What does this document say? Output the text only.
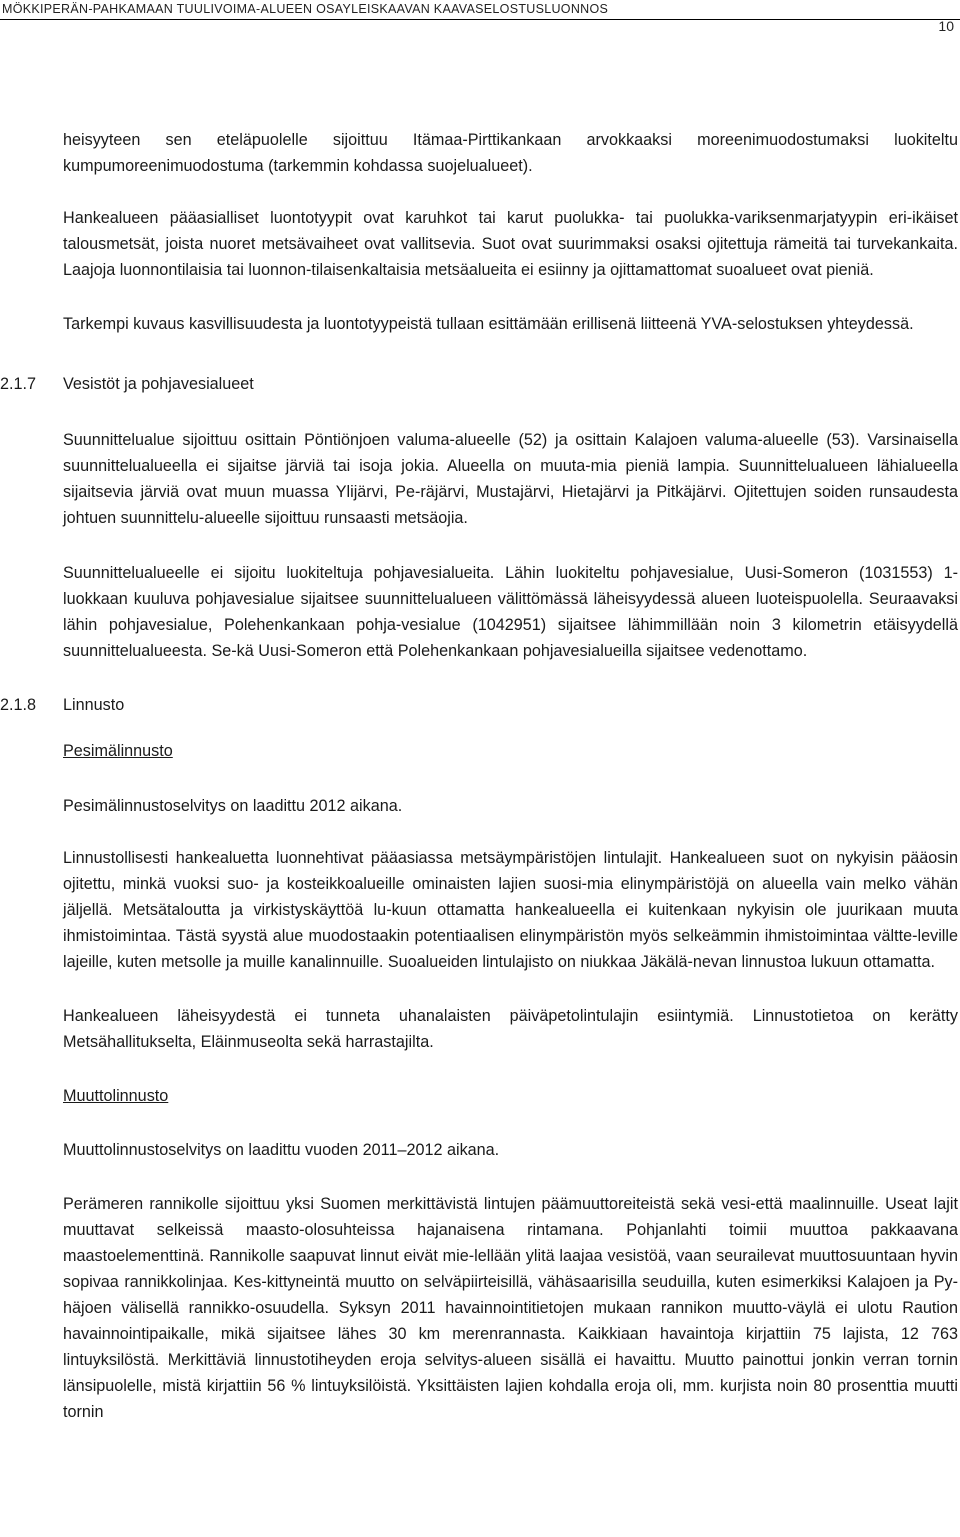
MÖKKIPERÄN-PAHKAMAAN TUULIVOIMA-ALUEEN OSAYLEISKAAVAN KAAVASELOSTUSLUONNOS
10

heisyyteen sen eteläpuolelle sijoittuu Itämaa-Pirttikankaan arvokkaaksi moreenimuodostumaksi luokiteltu kumpumoreenimuodostuma (tarkemmin kohdassa suojelualueet).

Hankealueen pääasialliset luontotyypit ovat karuhkot tai karut puolukka- tai puolukka-variksenmarjatyypin eri-ikäiset talousmetsät, joista nuoret metsävaiheet ovat vallitsevia. Suot ovat suurimmaksi osaksi ojitettuja rämeitä tai turvekankaita. Laajoja luonnontilaisia tai luonnon-tilaisenkaltaisia metsäalueita ei esiinny ja ojittamattomat suoalueet ovat pieniä.

Tarkempi kuvaus kasvillisuudesta ja luontotyypeistä tullaan esittämään erillisenä liitteenä YVA-selostuksen yhteydessä.

2.1.7	Vesistöt ja pohjavesialueet

Suunnittelualue sijoittuu osittain Pöntiönjoen valuma-alueelle (52) ja osittain Kalajoen valuma-alueelle (53). Varsinaisella suunnittelualueella ei sijaitse järviä tai isoja jokia. Alueella on muuta-mia pieniä lampia. Suunnittelualueen lähialueella sijaitsevia järviä ovat muun muassa Ylijärvi, Pe-räjärvi, Mustajärvi, Hietajärvi ja Pitkäjärvi. Ojitettujen soiden runsaudesta johtuen suunnittelu-alueelle sijoittuu runsaasti metsäojia.

Suunnittelualueelle ei sijoitu luokiteltuja pohjavesialueita. Lähin luokiteltu pohjavesialue, Uusi-Someron (1031553) 1-luokkaan kuuluva pohjavesialue sijaitsee suunnittelualueen välittömässä läheisyydessä alueen luoteispuolella. Seuraavaksi lähin pohjavesialue, Polehenkankaan pohja-vesialue (1042951) sijaitsee lähimmillään noin 3 kilometrin etäisyydellä suunnittelualueesta. Se-kä Uusi-Someron että Polehenkankaan pohjavesialueilla sijaitsee vedenottamo.

2.1.8	Linnusto

Pesimälinnusto

Pesimälinnustoselvitys on laadittu 2012 aikana.

Linnustollisesti hankealuetta luonnehtivat pääasiassa metsäympäristöjen lintulajit. Hankealueen suot on nykyisin pääosin ojitettu, minkä vuoksi suo- ja kosteikkoalueille ominaisten lajien suosi-mia elinympäristöjä on alueella vain melko vähän jäljellä. Metsätaloutta ja virkistyskäyttöä lu-kuun ottamatta hankealueella ei kuitenkaan nykyisin ole juurikaan muuta ihmistoimintaa. Tästä syystä alue muodostaakin potentiaalisen elinympäristön myös selkeämmin ihmistoimintaa vältte-leville lajeille, kuten metsolle ja muille kanalinnuille. Suoalueiden lintulajisto on niukkaa Jäkälä-nevan linnustoa lukuun ottamatta.

Hankealueen läheisyydestä ei tunneta uhanalaisten päiväpetolintulajin esiintymiä. Linnustotietoa on kerätty Metsähallitukselta, Eläinmuseolta sekä harrastajilta.

Muuttolinnusto

Muuttolinnustoselvitys on laadittu vuoden 2011–2012 aikana.

Perämeren rannikolle sijoittuu yksi Suomen merkittävistä lintujen päämuuttoreiteistä sekä vesi-että maalinnuille. Useat lajit muuttavat selkeissä maasto-olosuhteissa hajanaisena rintamana. Pohjanlahti toimii muuttoa pakkaavana maastoelementtinä. Rannikolle saapuvat linnut eivät mie-lellään ylitä laajaa vesistöä, vaan seurailevat muuttosuuntaan hyvin sopivaa rannikkolinjaa. Kes-kittyneintä muutto on selväpiirteisillä, vähäsaarisilla seuduilla, kuten esimerkiksi Kalajoen ja Py-häjoen välisellä rannikko-osuudella. Syksyn 2011 havainnointitietojen mukaan rannikon muutto-väylä ei ulotu Raution havainnointipaikalle, mikä sijaitsee lähes 30 km merenrannasta. Kaikkiaan havaintoja kirjattiin 75 lajista, 12 763 lintuyksilöstä. Merkittäviä linnustotiheyden eroja selvitys-alueen sisällä ei havaittu. Muutto painottui jonkin verran tornin länsipuolelle, mistä kirjattiin 56 % lintuyksilöistä. Yksittäisten lajien kohdalla eroja oli, mm. kurjista noin 80 prosenttia muutti tornin
